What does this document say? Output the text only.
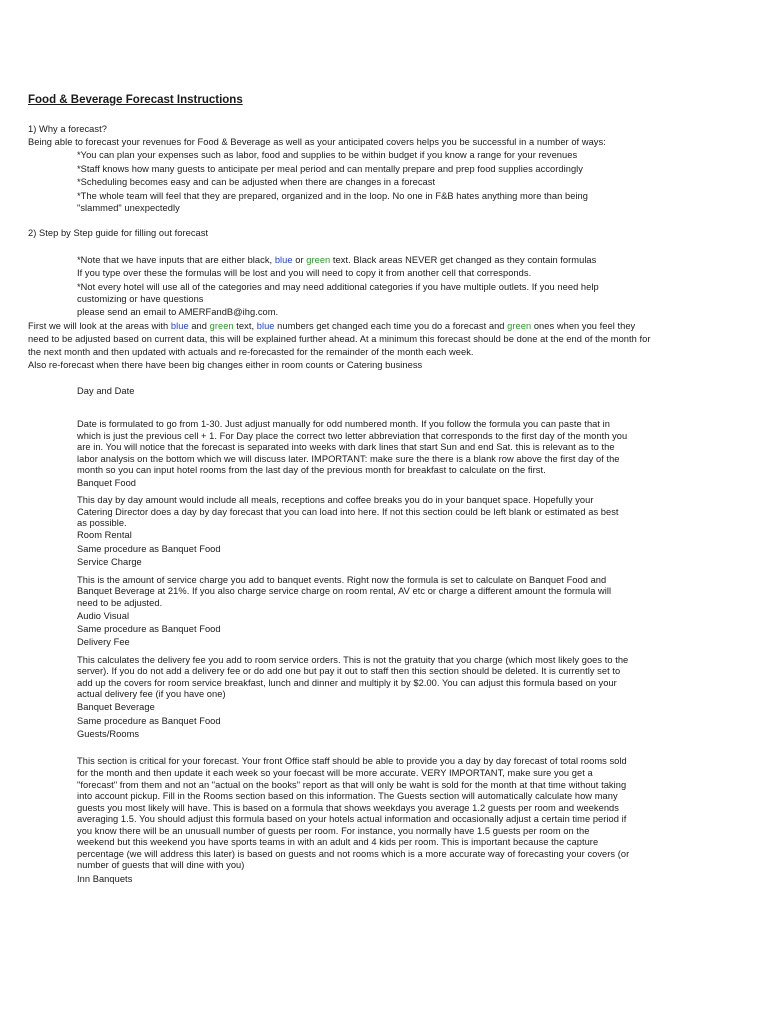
Food & Beverage Forecast Instructions
1) Why a forecast?
Being able to forecast your revenues for Food & Beverage as well as your anticipated covers helps you be successful in a number of ways:
*You can plan your expenses such as labor, food and supplies to be within budget if you know a range for your revenues
*Staff knows how many guests to anticipate per meal period and can mentally prepare and prep food supplies accordingly
*Scheduling becomes easy and can be adjusted when there are changes in a forecast
*The whole team will feel that they are prepared, organized and in the loop. No one in F&B hates anything more than being
"slammed" unexpectedly
2) Step by Step guide for filling out forecast
*Note that we have inputs that are either black, blue or green text. Black areas NEVER get changed as they contain formulas
If you type over these the formulas will be lost and you will need to copy it from another cell that corresponds.
*Not every hotel will use all of the categories and may need additional categories if you have multiple outlets. If you need help
customizing or have questions
please send an email to AMERFandB@ihg.com.
First we will look at the areas with blue and green text, blue numbers get changed each time you do a forecast and green ones when you feel they
need to be adjusted based on current data, this will be explained further ahead. At a minimum this forecast should be done at the end of the month for
the next month and then updated with actuals and re-forecasted for the remainder of the month each week.
Also re-forecast when there have been big changes either in room counts or Catering business
Day and Date
Date is formulated to go from 1-30. Just adjust manually for odd numbered month. If you follow the formula you can paste that in
which is just the previous cell + 1. For Day place the correct two letter abbreviation that corresponds to the first day of the month you
are in. You will notice that the forecast is separated into weeks with dark lines that start Sun and end Sat. this is relevant as to the
labor analysis on the bottom which we will discuss later. IMPORTANT: make sure the there is a blank row above the first day of the
month so you can input hotel rooms from the last day of the previous month for breakfast to calculate on the first.
Banquet Food
This day by day amount would include all meals, receptions and coffee breaks you do in your banquet space. Hopefully your
Catering Director does a day by day forecast that you can load into here. If not this section could be left blank or estimated as best
as possible.
Room Rental
Same procedure as Banquet Food
Service Charge
This is the amount of service charge you add to banquet events. Right now the formula is set to calculate on Banquet Food and
Banquet Beverage at 21%. If you also charge service charge on room rental, AV etc or charge a different amount the formula will
need to be adjusted.
Audio Visual
Same procedure as Banquet Food
Delivery Fee
This calculates the delivery fee you add to room service orders. This is not the gratuity that you charge (which most likely goes to the
server). If you do not add a delivery fee or do add one but pay it out to staff then this section should be deleted. It is currently set to
add up the covers for room service breakfast, lunch and dinner and multiply it by $2.00. You can adjust this formula based on your
actual delivery fee (if you have one)
Banquet Beverage
Same procedure as Banquet Food
Guests/Rooms
This section is critical for your forecast. Your front Office staff should be able to provide you a day by day forecast of total rooms sold
for the month and then update it each week so your foecast will be more accurate. VERY IMPORTANT, make sure you get a
"forecast" from them and not an "actual on the books" report as that will only be waht is sold for the month at that time without taking
into account pickup. Fill in the Rooms section based on this information. The Guests section will automatically calculate how many
guests you most likely will have. This is based on a formula that shows weekdays you average 1.2 guests per room and weekends
averaging 1.5. You should adjust this formula based on your hotels actual information and occasionally adjust a certain time period if
you know there will be an unusuall number of guests per room. For instance, you normally have 1.5 guests per room on the
weekend but this weekend you have sports teams in with an adult and 4 kids per room. This is important because the capture
percentage (we will address this later) is based on guests and not rooms which is a more accurate way of forecasting your covers (or
number of guests that will dine with you)
Inn Banquets
